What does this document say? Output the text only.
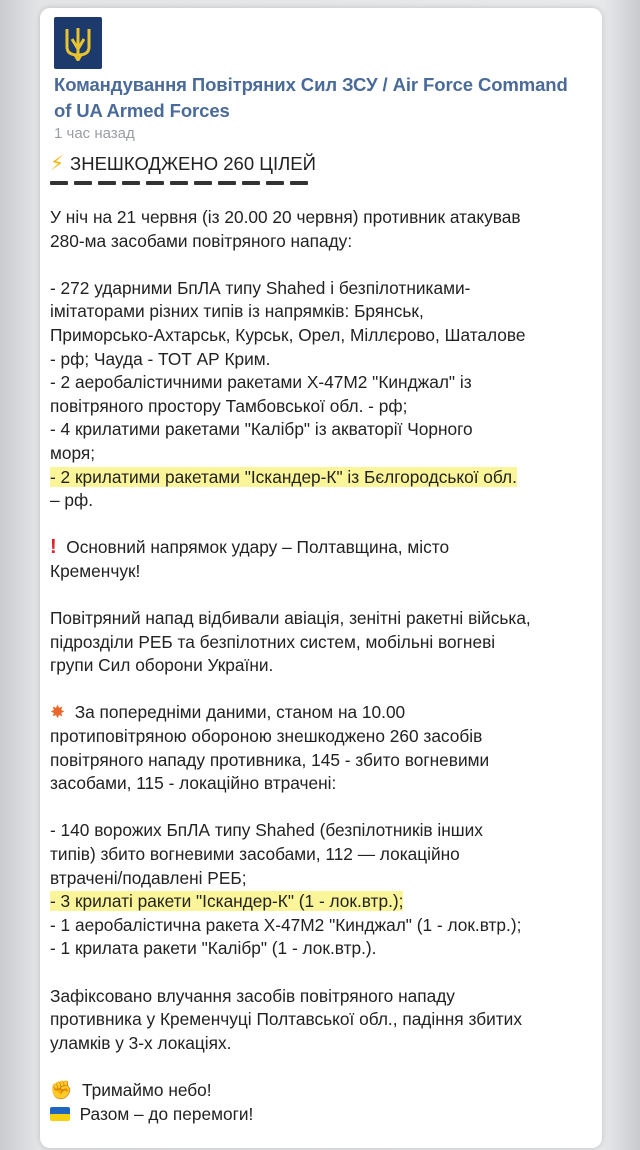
Командування Повітряних Сил ЗСУ / Air Force Command
of UA Armed Forces
1 час назад
⚡ ЗНЕШКОДЖЕНО 260 ЦІЛЕЙ
У ніч на 21 червня (із 20.00 20 червня) противник атакував
280-ма засобами повітряного нападу:
- 272 ударними БпЛА типу Shahed і безпілотниками-
імітаторами різних типів із напрямків: Брянськ,
Приморсько-Ахтарськ, Курськ, Орел, Міллєрово, Шаталове
- рф; Чауда - ТОТ АР Крим.
- 2 аеробалістичними ракетами Х-47М2 "Кинджал" із
повітряного простору Тамбовської обл. - рф;
- 4 крилатими ракетами "Калібр" із акваторії Чорного
моря;
- 2 крилатими ракетами "Іскандер-К" із Бєлгородської обл.
– рф.
! Основний напрямок удару – Полтавщина, місто
Кременчук!
Повітряний напад відбивали авіація, зенітні ракетні війська,
підрозділи РЕБ та безпілотних систем, мобільні вогневі
групи Сил оборони України.
✸ За попередніми даними, станом на 10.00
протиповітряною обороною знешкоджено 260 засобів
повітряного нападу противника, 145 - збито вогневими
засобами, 115 - локаційно втрачені:
- 140 ворожих БпЛА типу Shahed (безпілотників інших
типів) збито вогневими засобами, 112 — локаційно
втрачені/подавлені РЕБ;
- 3 крилаті ракети "Іскандер-К" (1 - лок.втр.);
- 1 аеробалістична ракета Х-47М2 "Кинджал" (1 - лок.втр.);
- 1 крилата ракети "Калібр" (1 - лок.втр.).
Зафіксовано влучання засобів повітряного нападу
противника у Кременчуці Полтавської обл., падіння збитих
уламків у 3-х локаціях.
✊ Тримаймо небо!
Разом – до перемоги!
